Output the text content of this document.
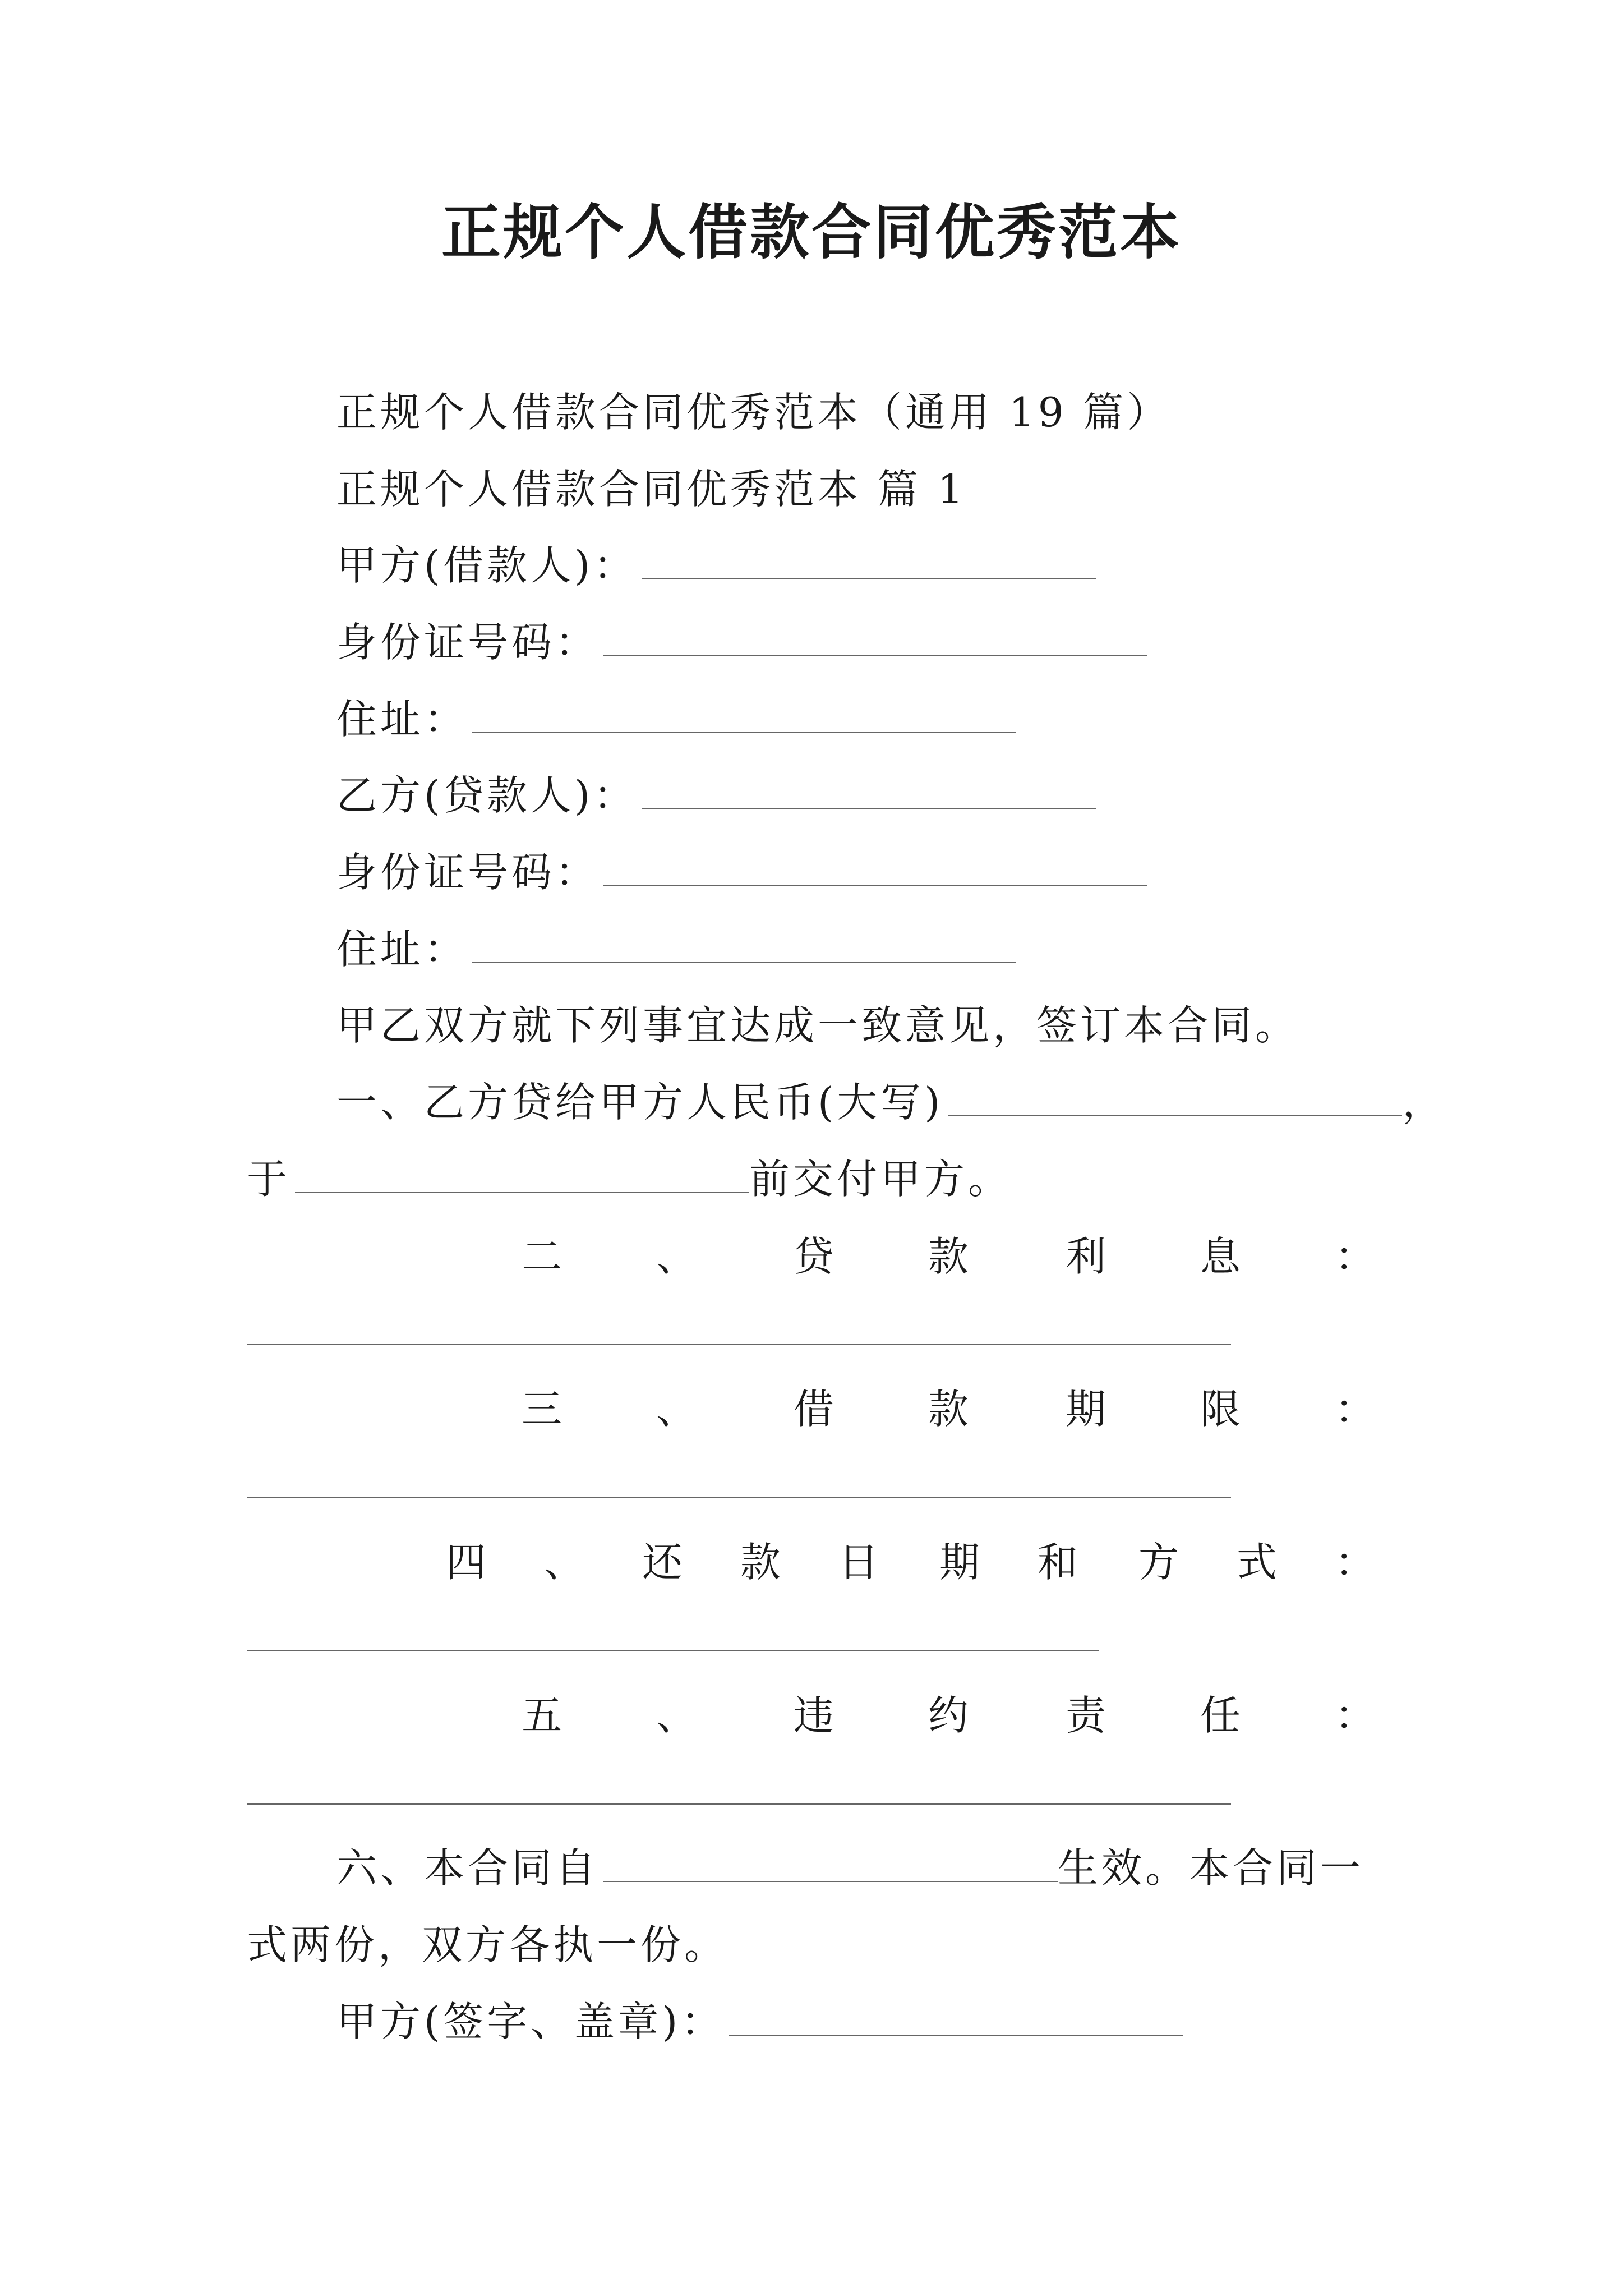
正规个人借款合同优秀范本
正规个人借款合同优秀范本（通用 19 篇）
正规个人借款合同优秀范本 篇 1
甲方(借款人)：
身份证号码：
住址：
乙方(贷款人)：
身份证号码：
住址：
甲乙双方就下列事宜达成一致意见，签订本合同。
一、乙方贷给甲方人民币(大写)	，
于	前交付甲方。
二 、 贷 款 利 息 ：
三 、 借 款 期 限 ：
四 、 还 款 日 期 和 方 式 ：
五 、 违 约 责 任 ：
六、本合同自	生效。本合同一
式两份，双方各执一份。
甲方(签字、盖章)：
